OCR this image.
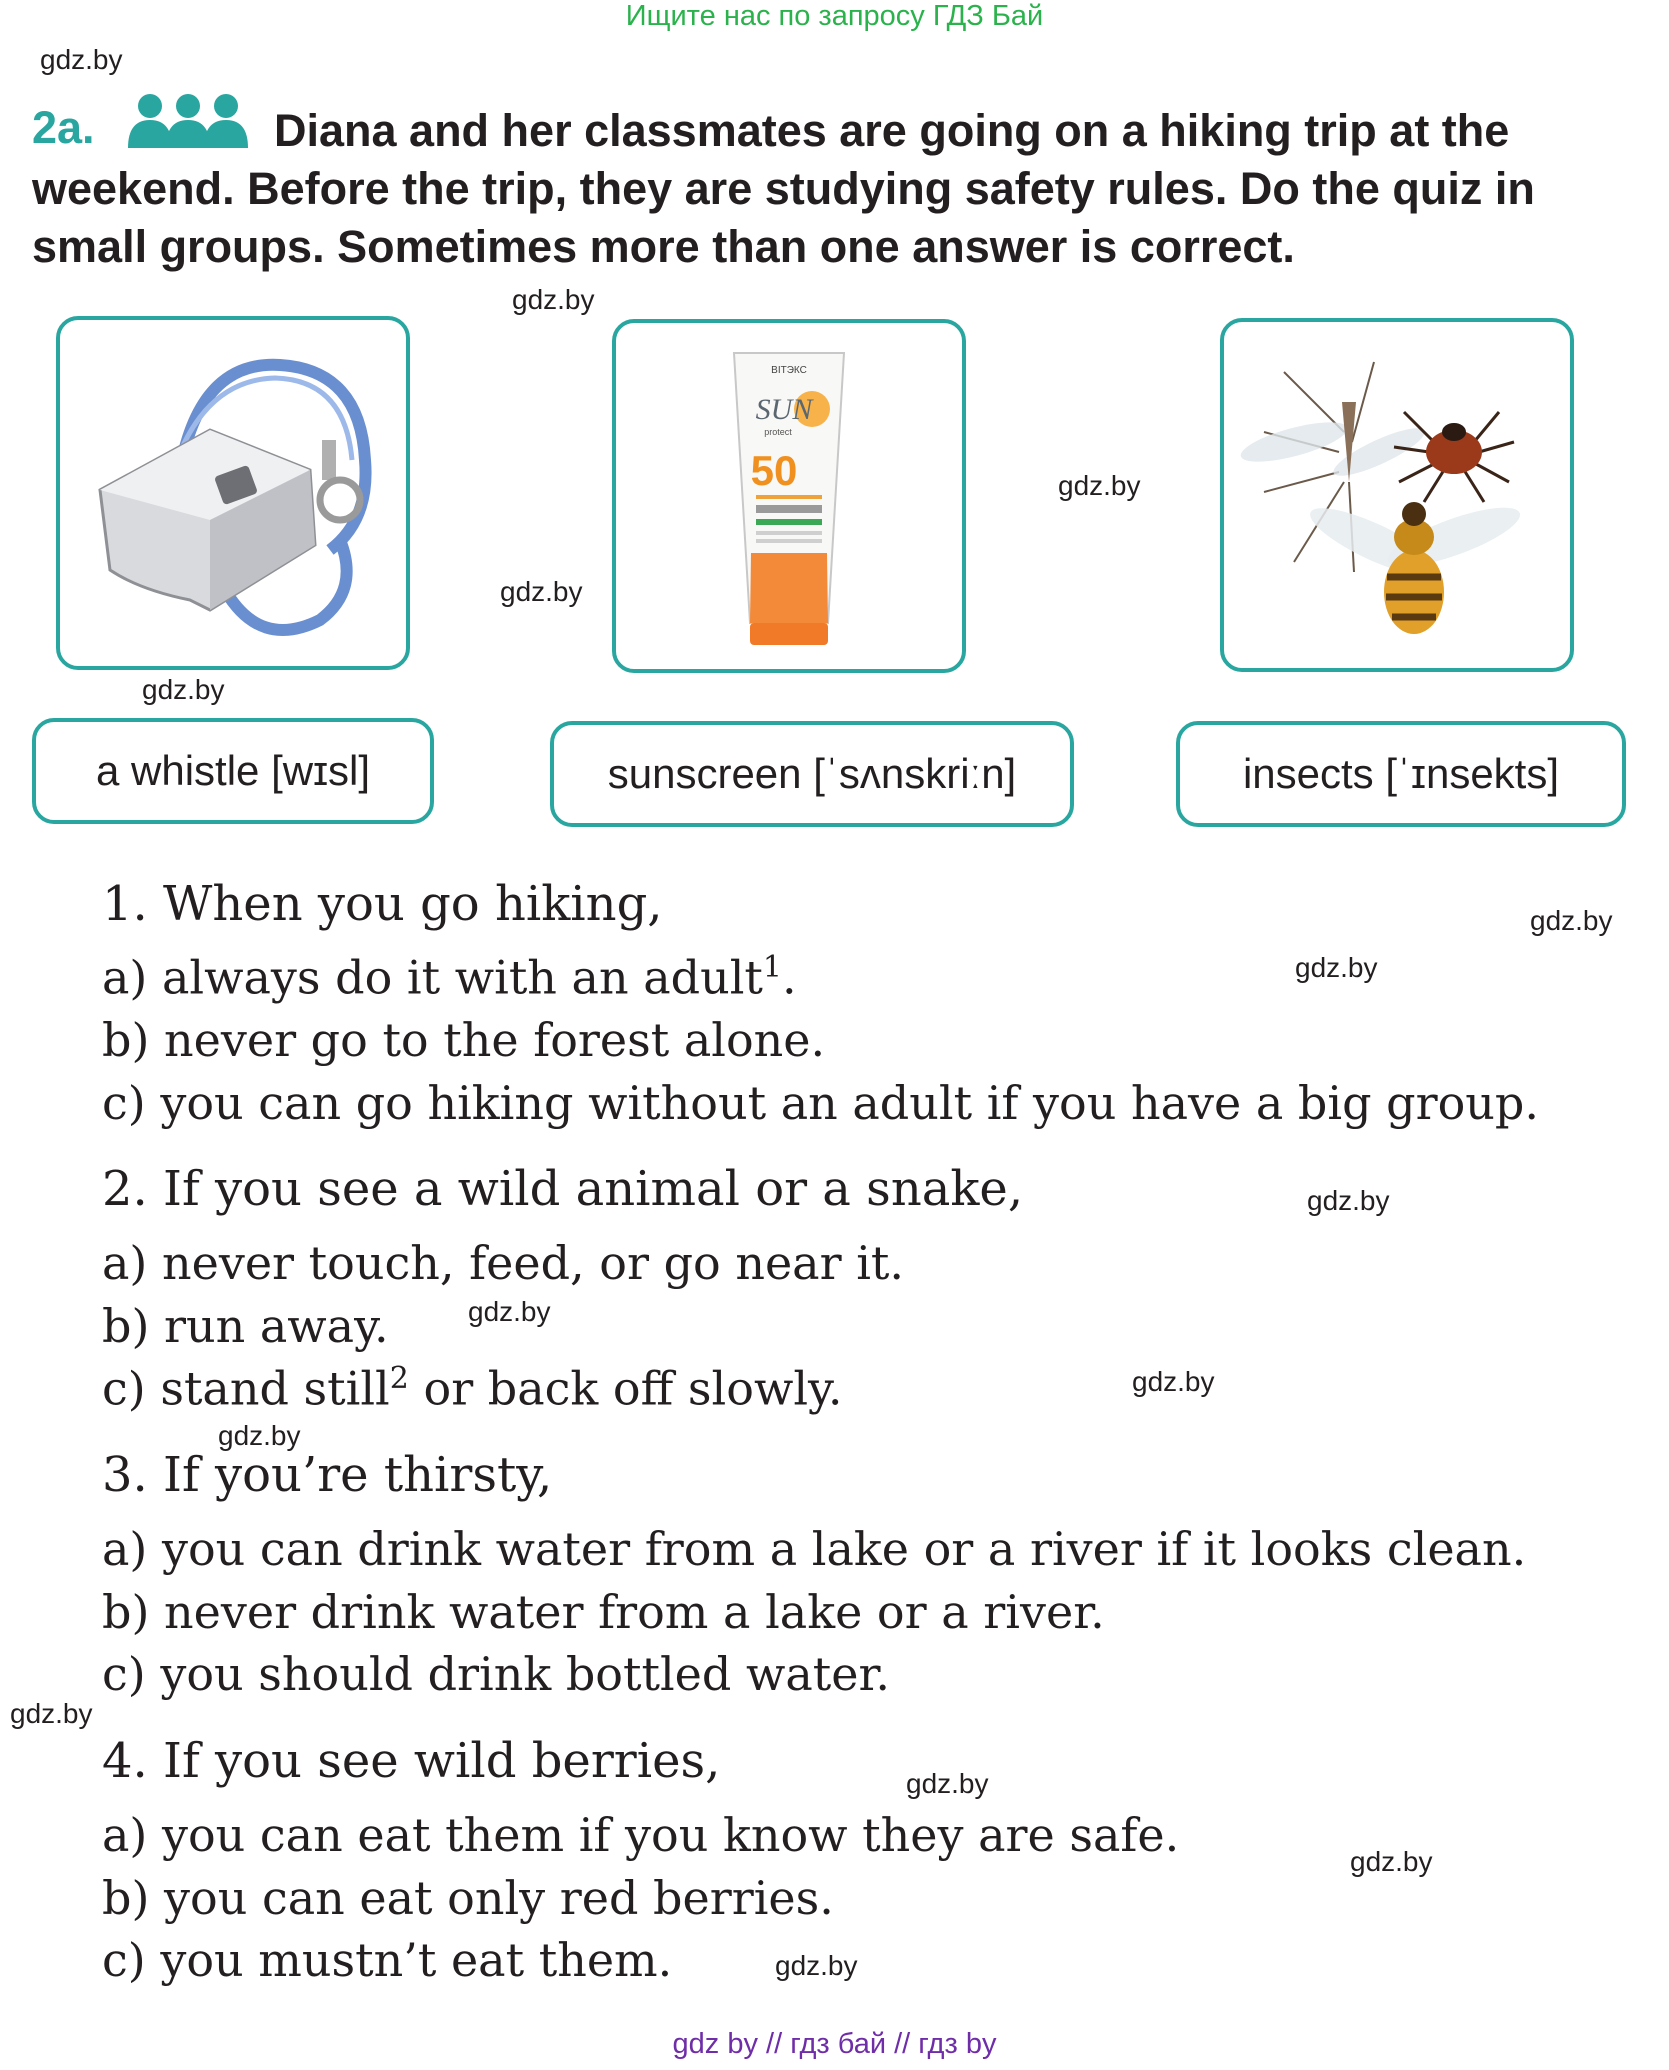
Ищите нас по запросу ГДЗ Бай
gdz.by
gdz.by
gdz.by
gdz.by
gdz.by
gdz.by
gdz.by
gdz.by
gdz.by
gdz.by
gdz.by
gdz.by
gdz.by
gdz.by
gdz.by
Diana and her classmates are going on a hiking trip at the weekend. Before the trip, they are studying safety rules. Do the quiz in small groups. Sometimes more than one answer is correct.
2a.
ВІТЭКС
SUN
protect
50
a whistle
[wɪsl]	sunscreen
[ˈsʌnskriːn]	insects
[ˈɪnsekts]
1. When you go hiking,
a) always do it with an adult$^1$.
b) never go to the forest alone.
c) you can go hiking without an adult if you have a big group.
2. If you see a wild animal or a snake,
a) never touch, feed, or go near it.
b) run away.
c) stand still$^2$ or back off slowly.
3. If you’re thirsty,
a) you can drink water from a lake or a river if it looks clean.
b) never drink water from a lake or a river.
c) you should drink bottled water.
4. If you see wild berries,
a) you can eat them if you know they are safe.
b) you can eat only red berries.
c) you mustn’t eat them.
gdz by // гдз бай // гдз by
